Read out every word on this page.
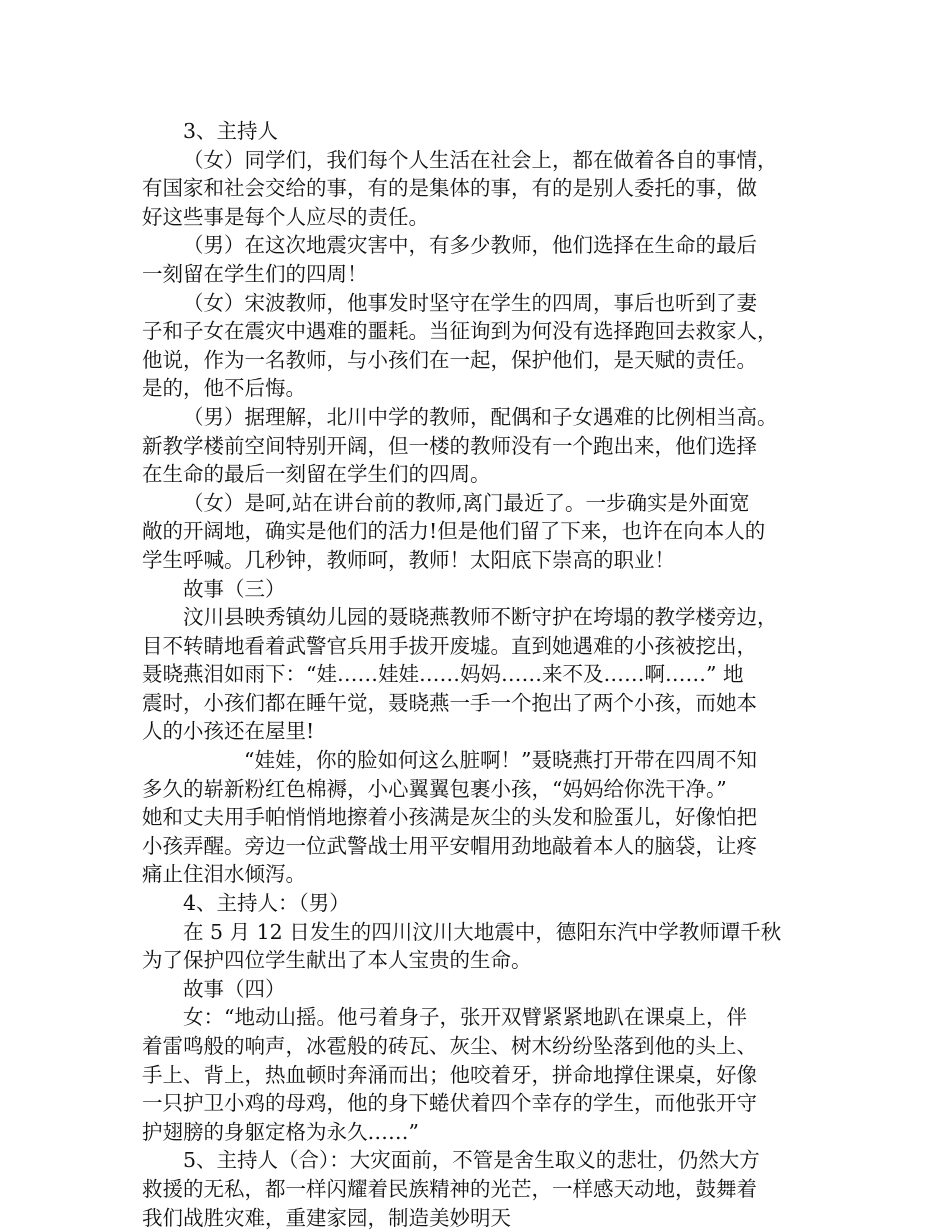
3、主持人
（女）同学们，我们每个人生活在社会上，都在做着各自的事情，
有国家和社会交给的事，有的是集体的事，有的是别人委托的事，做
好这些事是每个人应尽的责任。
（男）在这次地震灾害中，有多少教师，他们选择在生命的最后
一刻留在学生们的四周！
（女）宋波教师，他事发时坚守在学生的四周，事后也听到了妻
子和子女在震灾中遇难的噩耗。当征询到为何没有选择跑回去救家人，
他说，作为一名教师，与小孩们在一起，保护他们，是天赋的责任。
是的，他不后悔。
（男）据理解，北川中学的教师，配偶和子女遇难的比例相当高。
新教学楼前空间特别开阔，但一楼的教师没有一个跑出来，他们选择
在生命的最后一刻留在学生们的四周。
（女）是呵,站在讲台前的教师,离门最近了。一步确实是外面宽
敞的开阔地，确实是他们的活力!但是他们留了下来，也许在向本人的
学生呼喊。几秒钟，教师呵，教师！太阳底下崇高的职业！
故事（三）
汶川县映秀镇幼儿园的聂晓燕教师不断守护在垮塌的教学楼旁边，
目不转睛地看着武警官兵用手拔开废墟。直到她遇难的小孩被挖出，
聂晓燕泪如雨下：“娃……娃娃……妈妈……来不及……啊……” 地
震时，小孩们都在睡午觉，聂晓燕一手一个抱出了两个小孩，而她本
人的小孩还在屋里!
“娃娃，你的脸如何这么脏啊！”聂晓燕打开带在四周不知
多久的崭新粉红色棉褥，小心翼翼包裹小孩，“妈妈给你洗干净。”
她和丈夫用手帕悄悄地擦着小孩满是灰尘的头发和脸蛋儿，好像怕把
小孩弄醒。旁边一位武警战士用平安帽用劲地敲着本人的脑袋，让疼
痛止住泪水倾泻。
4、主持人：（男）
在 5 月 12 日发生的四川汶川大地震中，德阳东汽中学教师谭千秋
为了保护四位学生献出了本人宝贵的生命。
故事（四）
女：“地动山摇。他弓着身子，张开双臂紧紧地趴在课桌上，伴
着雷鸣般的响声，冰雹般的砖瓦、灰尘、树木纷纷坠落到他的头上、
手上、背上，热血顿时奔涌而出；他咬着牙，拼命地撑住课桌，好像
一只护卫小鸡的母鸡，他的身下蜷伏着四个幸存的学生，而他张开守
护翅膀的身躯定格为永久……”
5、主持人（合）：大灾面前，不管是舍生取义的悲壮，仍然大方
救援的无私，都一样闪耀着民族精神的光芒，一样感天动地，鼓舞着
我们战胜灾难，重建家园，制造美妙明天
